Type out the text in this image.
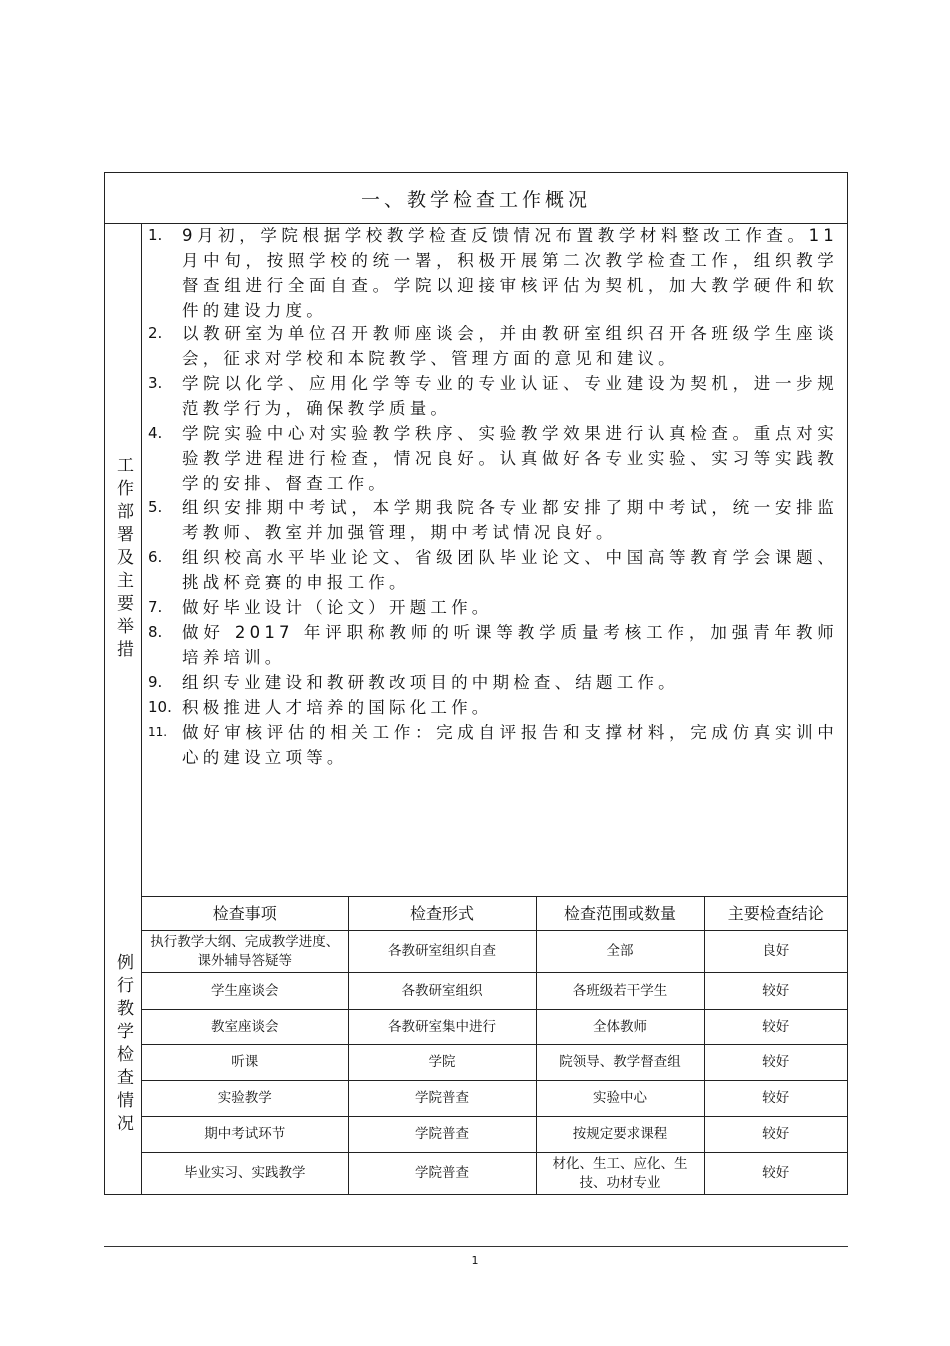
一、教学检查工作概况
工作部署及主要举措
1. 9月初，学院根据学校教学检查反馈情况布置教学材料整改工作查。11 月中旬，按照学校的统一署，积极开展第二次教学检查工作，组织教学督查组进行全面自查。学院以迎接审核评估为契机，加大教学硬件和软件的建设力度。
2. 以教研室为单位召开教师座谈会，并由教研室组织召开各班级学生座谈会，征求对学校和本院教学、管理方面的意见和建议。
3. 学院以化学、应用化学等专业的专业认证、专业建设为契机，进一步规范教学行为，确保教学质量。
4. 学院实验中心对实验教学秩序、实验教学效果进行认真检查。重点对实验教学进程进行检查，情况良好。认真做好各专业实验、实习等实践教学的安排、督查工作。
5. 组织安排期中考试，本学期我院各专业都安排了期中考试，统一安排监考教师、教室并加强管理，期中考试情况良好。
6. 组织校高水平毕业论文、省级团队毕业论文、中国高等教育学会课题、挑战杯竞赛的申报工作。
7. 做好毕业设计（论文）开题工作。
8. 做好 2017 年评职称教师的听课等教学质量考核工作，加强青年教师培养培训。
9. 组织专业建设和教研教改项目的中期检查、结题工作。
10. 积极推进人才培养的国际化工作。
11. 做好审核评估的相关工作：完成自评报告和支撑材料，完成仿真实训中心的建设立项等。
例行教学检查情况
检查事项	检查形式	检查范围或数量	主要检查结论
执行教学大纲、完成教学进度、课外辅导答疑等	各教研室组织自查	全部	良好
学生座谈会	各教研室组织	各班级若干学生	较好
教室座谈会	各教研室集中进行	全体教师	较好
听课	学院	院领导、教学督查组	较好
实验教学	学院普查	实验中心	较好
期中考试环节	学院普查	按规定要求课程	较好
毕业实习、实践教学	学院普查	材化、生工、应化、生技、功材专业	较好
1
